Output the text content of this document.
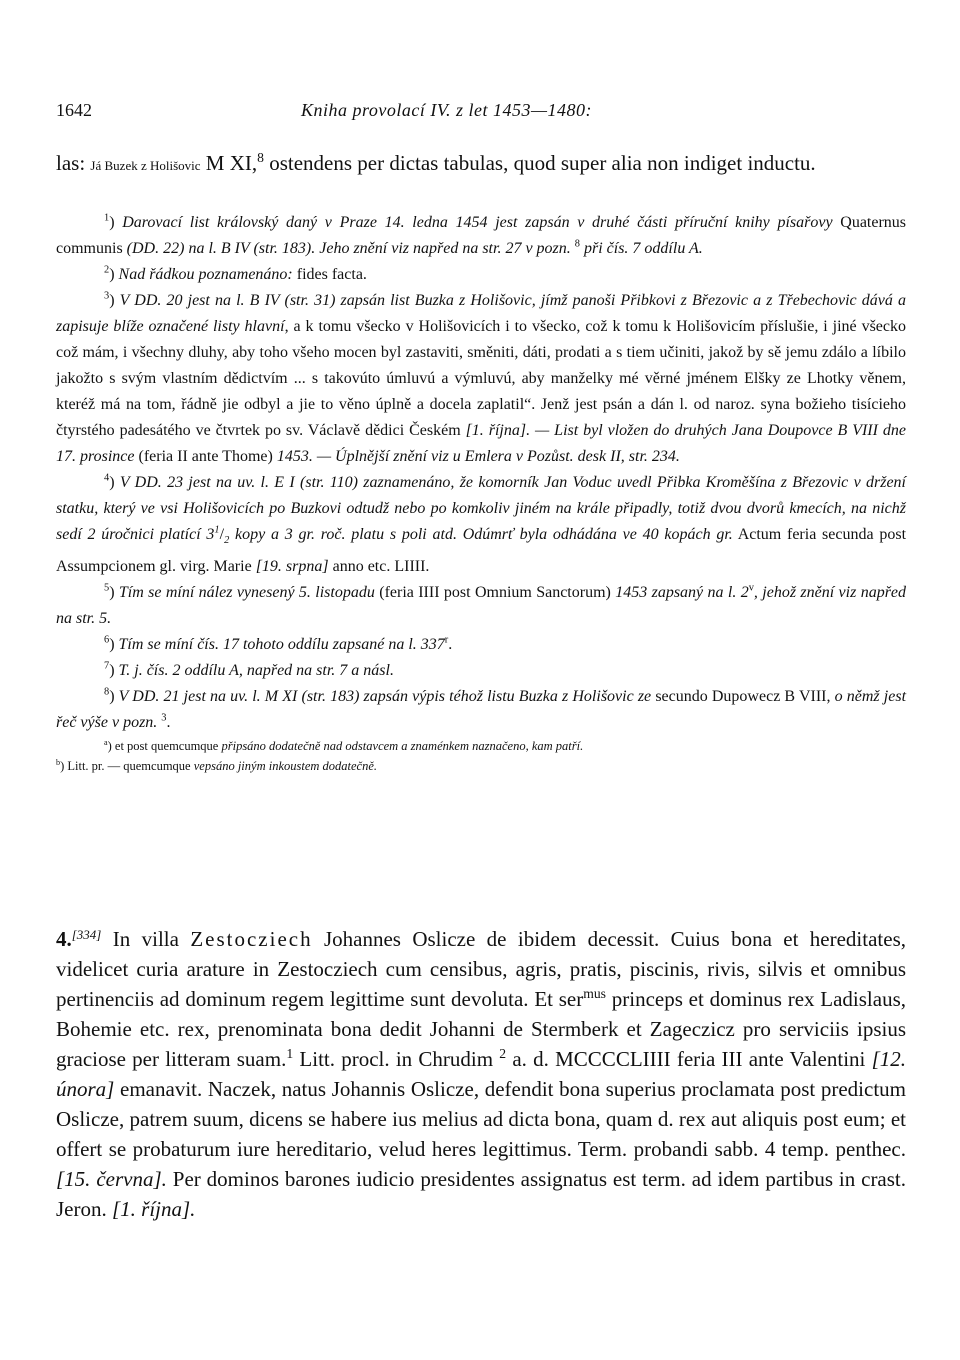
1642	Kniha provolací IV. z let 1453—1480:
las: Já Buzek z Holišovic M XI,$^8$ ostendens per dictas tabulas, quod super alia non indiget inductu.

$^1$) Darovací list královský daný v Praze 14. ledna 1454 jest zapsán v druhé části příruční knihy písařovy Quaternus communis (DD. 22) na l. B IV (str. 183). Jeho znění viz napřed na str. 27 v pozn. $^8$ při čís. 7 oddílu A.

$^2$) Nad řádkou poznamenáno: fides facta.

$^3$) V DD. 20 jest na l. B IV (str. 31) zapsán list Buzka z Holišovic, jímž panoši Přibkovi z Březovic a z Třebechovic dává a zapisuje blíže označené listy hlavní, a k tomu všecko v Holišovicích i to všecko, což k tomu k Holišovicím příslušie, i jiné všecko což mám, i všechny dluhy, aby toho všeho mocen byl zastaviti, směniti, dáti, prodati a s tiem učiniti, jakož by sě jemu zdálo a líbilo jakožto s svým vlastním dědictvím ... s takovúto úmluvú a výmluvú, aby manželky mé věrné jménem Elšky ze Lhotky věnem, kteréž má na tom, řádně jie odbyl a jie to věno úplně a docela zaplatil“. Jenž jest psán a dán l. od naroz. syna božieho tisícieho čtyrstého padesátého ve čtvrtek po sv. Václavě dědici Českém [1. října]. — List byl vložen do druhých Jana Doupovce B VIII dne 17. prosince (feria II ante Thome) 1453. — Úplnější znění viz u Emlera v Pozůst. desk II, str. 234.

$^4$) V DD. 23 jest na uv. l. E I (str. 110) zaznamenáno, že komorník Jan Voduc uvedl Přibka Kroměšína z Březovic v držení statku, který ve vsi Holišovicích po Buzkovi odtudž nebo po komkoliv jiném na krále připadly, totiž dvou dvorů kmecích, na nichž sedí 2 úročnici platící $3^1/_2$ kopy a 3 gr. roč. platu s poli atd. Odúmrť byla odhádána ve 40 kopách gr. Actum feria secunda post Assumpcionem gl. virg. Marie [19. srpna] anno etc. LIIII.

$^5$) Tím se míní nález vynesený 5. listopadu (feria IIII post Omnium Sanctorum) 1453 zapsaný na l. 2$^v$, jehož znění viz napřed na str. 5.

$^6$) Tím se míní čís. 17 tohoto oddílu zapsané na l. 337$^r$.

$^7$) T. j. čís. 2 oddílu A, napřed na str. 7 a násl.

$^8$) V DD. 21 jest na uv. l. M XI (str. 183) zapsán výpis téhož listu Buzka z Holišovic ze secundo Dupowecz B VIII, o němž jest řeč výše v pozn. $^3$.

$^a$) et post quemcumque připsáno dodatečně nad odstavcem a znaménkem naznačeno, kam patří.

$^b$) Litt. pr. — quemcumque vepsáno jiným inkoustem dodatečně.

4.[334] In villa Zestocziech Johannes Oslicze de ibidem decessit. Cuius bona et hereditates, videlicet curia arature in Zestocziech cum censibus, agris, pratis, piscinis, rivis, silvis et omnibus pertinenciis ad dominum regem legittime sunt devoluta. Et ser$^{mus}$ princeps et dominus rex Ladislaus, Bohemie etc. rex, prenominata bona dedit Johanni de Stermberk et Zageczicz pro serviciis ipsius graciose per litteram suam.$^1$ Litt. procl. in Chrudim $^2$ a. d. MCCCCLIIII feria III ante Valentini [12. února] emanavit. Naczek, natus Johannis Oslicze, defendit bona superius proclamata post predictum Oslicze, patrem suum, dicens se habere ius melius ad dicta bona, quam d. rex aut aliquis post eum; et offert se probaturum iure hereditario, velud heres legittimus. Term. probandi sabb. 4 temp. penthec. [15. června]. Per dominos barones iudicio presidentes assignatus est term. ad idem partibus in crast. Jeron. [1. října].
